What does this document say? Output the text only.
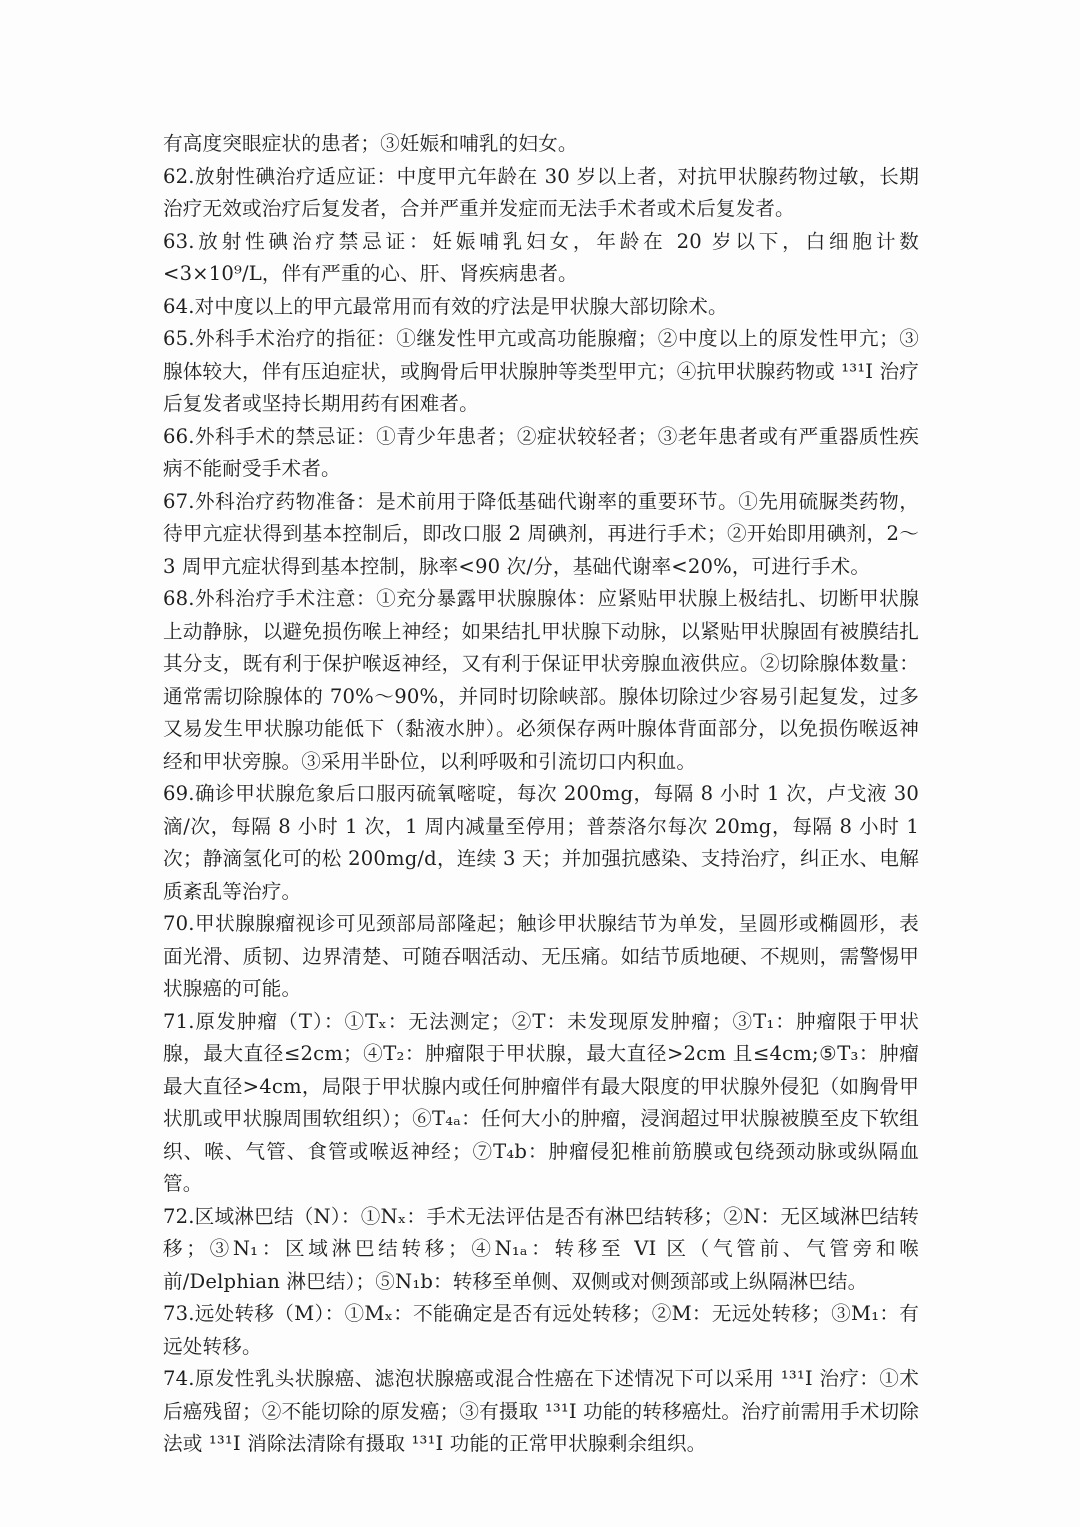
有高度突眼症状的患者；③妊娠和哺乳的妇女。

62.放射性碘治疗适应证：中度甲亢年龄在 30 岁以上者，对抗甲状腺药物过敏，长期治疗无效或治疗后复发者，合并严重并发症而无法手术者或术后复发者。

63.放射性碘治疗禁忌证：妊娠哺乳妇女，年龄在 20 岁以下，白细胞计数<3×10⁹/L，伴有严重的心、肝、肾疾病患者。

64.对中度以上的甲亢最常用而有效的疗法是甲状腺大部切除术。

65.外科手术治疗的指征：①继发性甲亢或高功能腺瘤；②中度以上的原发性甲亢；③腺体较大，伴有压迫症状，或胸骨后甲状腺肿等类型甲亢；④抗甲状腺药物或 ¹³¹I 治疗后复发者或坚持长期用药有困难者。

66.外科手术的禁忌证：①青少年患者；②症状较轻者；③老年患者或有严重器质性疾病不能耐受手术者。

67.外科治疗药物准备：是术前用于降低基础代谢率的重要环节。①先用硫脲类药物，待甲亢症状得到基本控制后，即改口服 2 周碘剂，再进行手术；②开始即用碘剂，2～3 周甲亢症状得到基本控制，脉率<90 次/分，基础代谢率<20%，可进行手术。

68.外科治疗手术注意：①充分暴露甲状腺腺体：应紧贴甲状腺上极结扎、切断甲状腺上动静脉，以避免损伤喉上神经；如果结扎甲状腺下动脉，以紧贴甲状腺固有被膜结扎其分支，既有利于保护喉返神经，又有利于保证甲状旁腺血液供应。②切除腺体数量：通常需切除腺体的 70%～90%，并同时切除峡部。腺体切除过少容易引起复发，过多又易发生甲状腺功能低下（黏液水肿）。必须保存两叶腺体背面部分，以免损伤喉返神经和甲状旁腺。③采用半卧位，以利呼吸和引流切口内积血。

69.确诊甲状腺危象后口服丙硫氧嘧啶，每次 200mg，每隔 8 小时 1 次，卢戈液 30 滴/次，每隔 8 小时 1 次，1 周内减量至停用；普萘洛尔每次 20mg，每隔 8 小时 1 次；静滴氢化可的松 200mg/d，连续 3 天；并加强抗感染、支持治疗，纠正水、电解质紊乱等治疗。

70.甲状腺腺瘤视诊可见颈部局部隆起；触诊甲状腺结节为单发，呈圆形或椭圆形，表面光滑、质韧、边界清楚、可随吞咽活动、无压痛。如结节质地硬、不规则，需警惕甲状腺癌的可能。

71.原发肿瘤（T）：①Tₓ：无法测定；②T：未发现原发肿瘤；③T₁：肿瘤限于甲状腺，最大直径≤2cm；④T₂：肿瘤限于甲状腺，最大直径>2cm 且≤4cm;⑤T₃：肿瘤最大直径>4cm，局限于甲状腺内或任何肿瘤伴有最大限度的甲状腺外侵犯（如胸骨甲状肌或甲状腺周围软组织）；⑥T₄ₐ：任何大小的肿瘤，浸润超过甲状腺被膜至皮下软组织、喉、气管、食管或喉返神经；⑦T₄b：肿瘤侵犯椎前筋膜或包绕颈动脉或纵隔血管。

72.区域淋巴结（N）：①Nₓ：手术无法评估是否有淋巴结转移；②N：无区域淋巴结转移；③N₁：区域淋巴结转移；④N₁ₐ：转移至 VI 区（气管前、气管旁和喉前/Delphian 淋巴结）；⑤N₁b：转移至单侧、双侧或对侧颈部或上纵隔淋巴结。

73.远处转移（M）：①Mₓ：不能确定是否有远处转移；②M：无远处转移；③M₁：有远处转移。

74.原发性乳头状腺癌、滤泡状腺癌或混合性癌在下述情况下可以采用 ¹³¹I 治疗：①术后癌残留；②不能切除的原发癌；③有摄取 ¹³¹I 功能的转移癌灶。治疗前需用手术切除法或 ¹³¹I 消除法清除有摄取 ¹³¹I 功能的正常甲状腺剩余组织。
